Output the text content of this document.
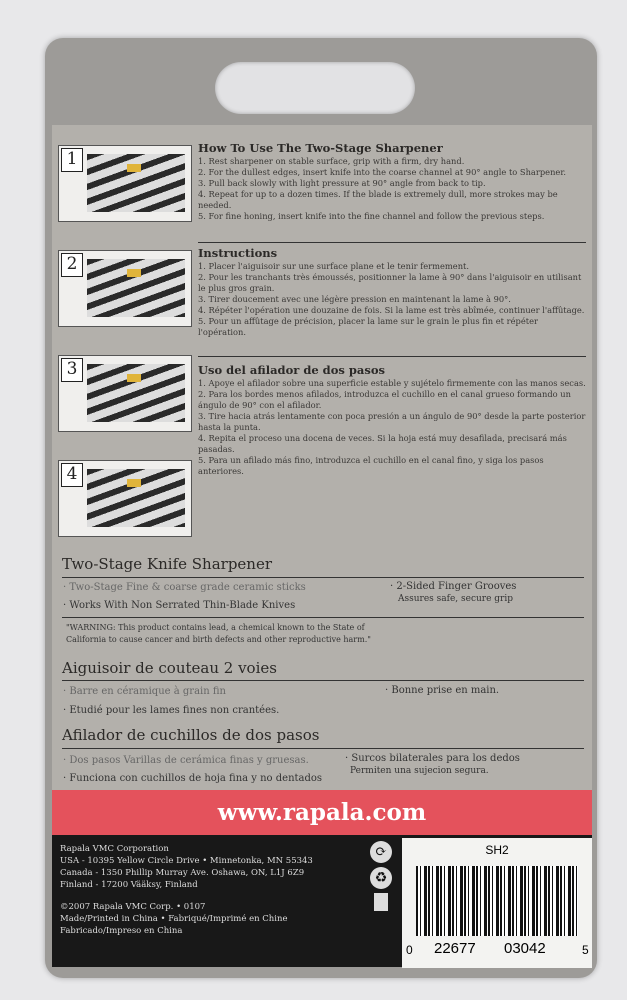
1
2
3
4
How To Use The Two-Stage Sharpener
1. Rest sharpener on stable surface, grip with a firm, dry hand.
2. For the dullest edges, insert knife into the coarse channel at 90° angle to Sharpener.
3. Pull back slowly with light pressure at 90° angle from back to tip.
4. Repeat for up to a dozen times. If the blade is extremely dull, more strokes may be needed.
5. For fine honing, insert knife into the fine channel and follow the previous steps.
Instructions
1. Placer l'aiguisoir sur une surface plane et le tenir fermement.
2. Pour les tranchants très émoussés, positionner la lame à 90° dans l'aiguisoir en utilisant le plus gros grain.
3. Tirer doucement avec une légère pression en maintenant la lame à 90°.
4. Répéter l'opération une douzaine de fois. Si la lame est très abîmée, continuer l'affûtage.
5. Pour un affûtage de précision, placer la lame sur le grain le plus fin et répéter l'opération.
Uso del afilador de dos pasos
1. Apoye el afilador sobre una superficie estable y sujételo firmemente con las manos secas.
2. Para los bordes menos afilados, introduzca el cuchillo en el canal grueso formando un ángulo de 90° con el afilador.
3. Tire hacia atrás lentamente con poca presión a un ángulo de 90° desde la parte posterior hasta la punta.
4. Repita el proceso una docena de veces. Si la hoja está muy desafilada, precisará más pasadas.
5. Para un afilado más fino, introduzca el cuchillo en el canal fino, y siga los pasos anteriores.
Two-Stage Knife Sharpener
· Two-Stage Fine & coarse grade ceramic sticks
· Works With Non Serrated Thin-Blade Knives
· 2-Sided Finger Grooves
Assures safe, secure grip
"WARNING: This product contains lead, a chemical known to the State of
California to cause cancer and birth defects and other reproductive harm."
Aiguisoir de couteau 2 voies
· Barre en céramique à grain fin
· Etudié pour les lames fines non crantées.
· Bonne prise en main.
Afilador de cuchillos de dos pasos
· Dos pasos Varillas de cerámica finas y gruesas.
· Funciona con cuchillos de hoja fina y no dentados
· Surcos bilaterales para los dedos
Permiten una sujecion segura.
www.rapala.com
Rapala VMC Corporation
USA - 10395 Yellow Circle Drive • Minnetonka, MN 55343
Canada - 1350 Phillip Murray Ave. Oshawa, ON, L1J 6Z9
Finland - 17200 Vääksy, Finland
©2007 Rapala VMC Corp. • 0107
Made/Printed in China • Fabriqué/Imprimé en Chine
Fabricado/Impreso en China
⟳
♻
SH2
0 22677 03042	5
